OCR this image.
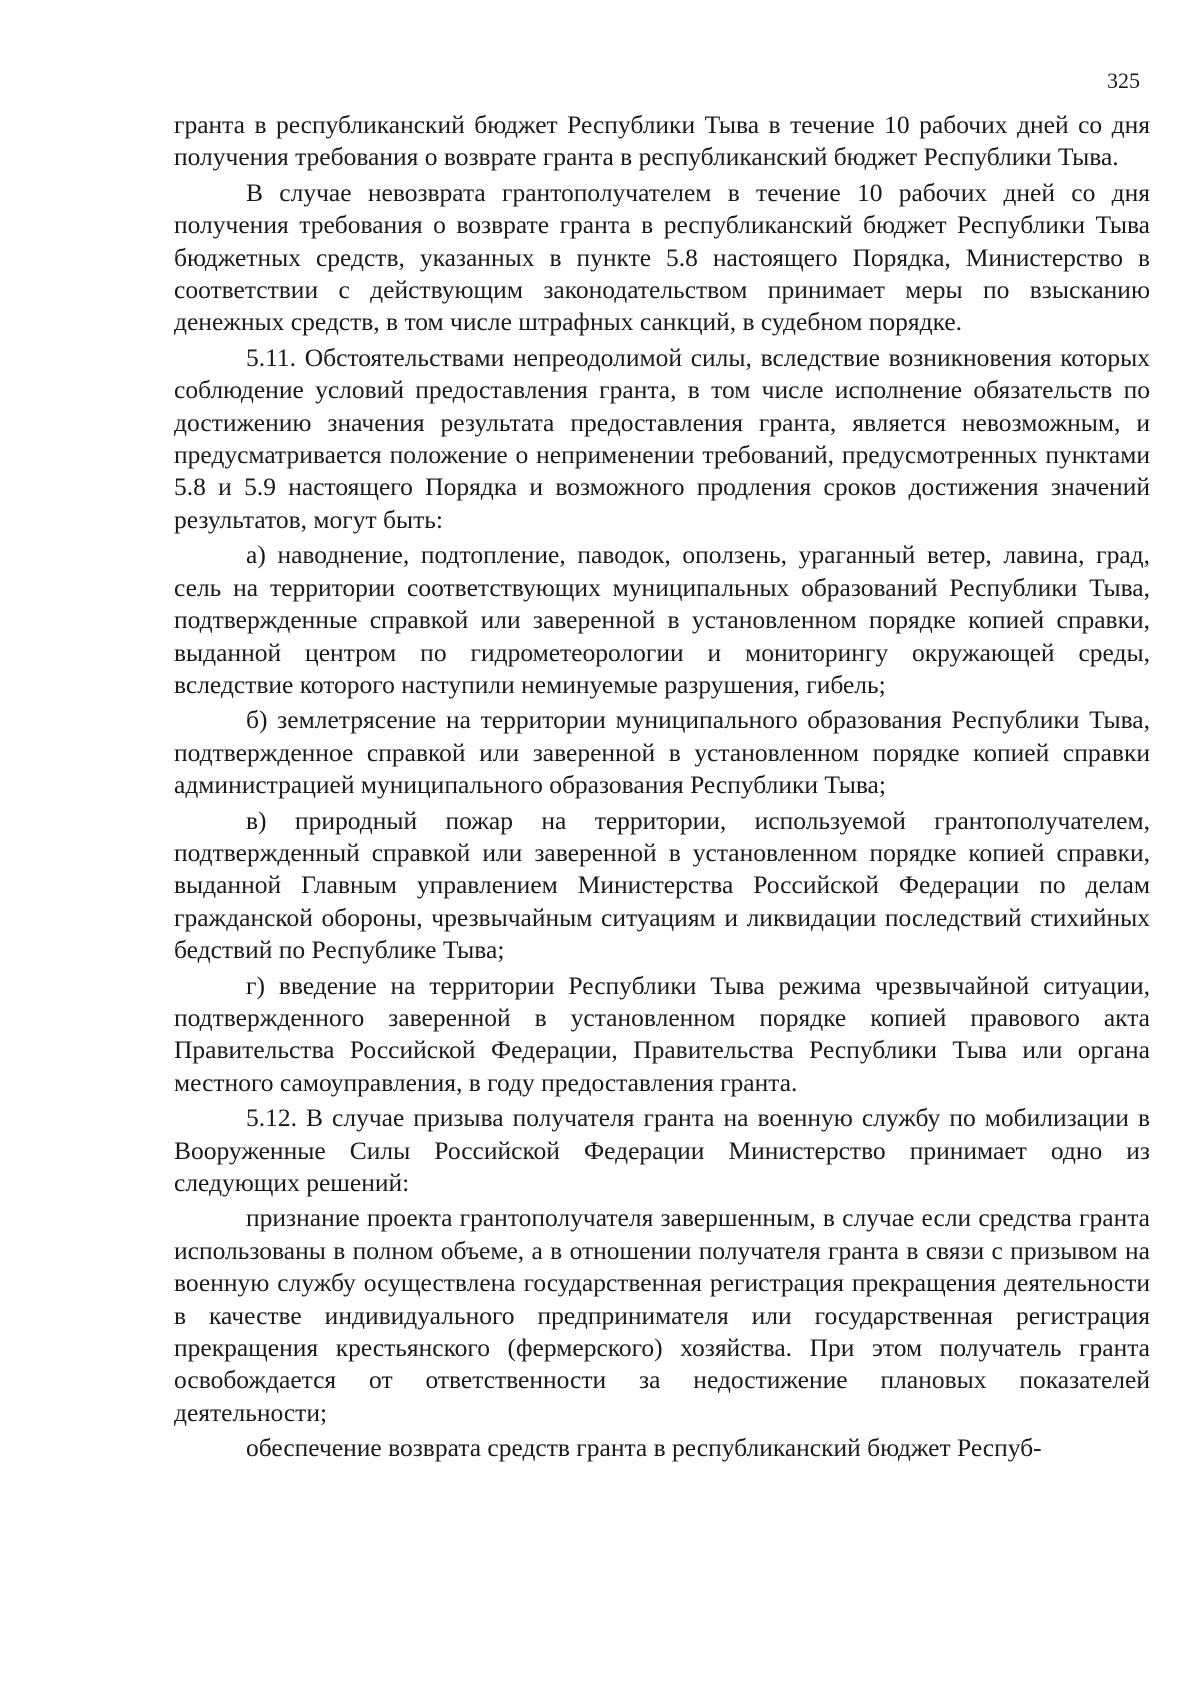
325

гранта в республиканский бюджет Республики Тыва в течение 10 рабочих дней со дня получения требования о возврате гранта в республиканский бюджет Республики Тыва.

В случае невозврата грантополучателем в течение 10 рабочих дней со дня получения требования о возврате гранта в республиканский бюджет Республики Тыва бюджетных средств, указанных в пункте 5.8 настоящего Порядка, Министерство в соответствии с действующим законодательством принимает меры по взысканию денежных средств, в том числе штрафных санкций, в судебном порядке.

5.11. Обстоятельствами непреодолимой силы, вследствие возникновения которых соблюдение условий предоставления гранта, в том числе исполнение обязательств по достижению значения результата предоставления гранта, является невозможным, и предусматривается положение о неприменении требований, предусмотренных пунктами 5.8 и 5.9 настоящего Порядка и возможного продления сроков достижения значений результатов, могут быть:

а) наводнение, подтопление, паводок, оползень, ураганный ветер, лавина, град, сель на территории соответствующих муниципальных образований Республики Тыва, подтвержденные справкой или заверенной в установленном порядке копией справки, выданной центром по гидрометеорологии и мониторингу окружающей среды, вследствие которого наступили неминуемые разрушения, гибель;

б) землетрясение на территории муниципального образования Республики Тыва, подтвержденное справкой или заверенной в установленном порядке копией справки администрацией муниципального образования Республики Тыва;

в) природный пожар на территории, используемой грантополучателем, подтвержденный справкой или заверенной в установленном порядке копией справки, выданной Главным управлением Министерства Российской Федерации по делам гражданской обороны, чрезвычайным ситуациям и ликвидации последствий стихийных бедствий по Республике Тыва;

г) введение на территории Республики Тыва режима чрезвычайной ситуации, подтвержденного заверенной в установленном порядке копией правового акта Правительства Российской Федерации, Правительства Республики Тыва или органа местного самоуправления, в году предоставления гранта.

5.12. В случае призыва получателя гранта на военную службу по мобилизации в Вооруженные Силы Российской Федерации Министерство принимает одно из следующих решений:

признание проекта грантополучателя завершенным, в случае если средства гранта использованы в полном объеме, а в отношении получателя гранта в связи с призывом на военную службу осуществлена государственная регистрация прекращения деятельности в качестве индивидуального предпринимателя или государственная регистрация прекращения крестьянского (фермерского) хозяйства. При этом получатель гранта освобождается от ответственности за недостижение плановых показателей деятельности;

обеспечение возврата средств гранта в республиканский бюджет Респуб-
